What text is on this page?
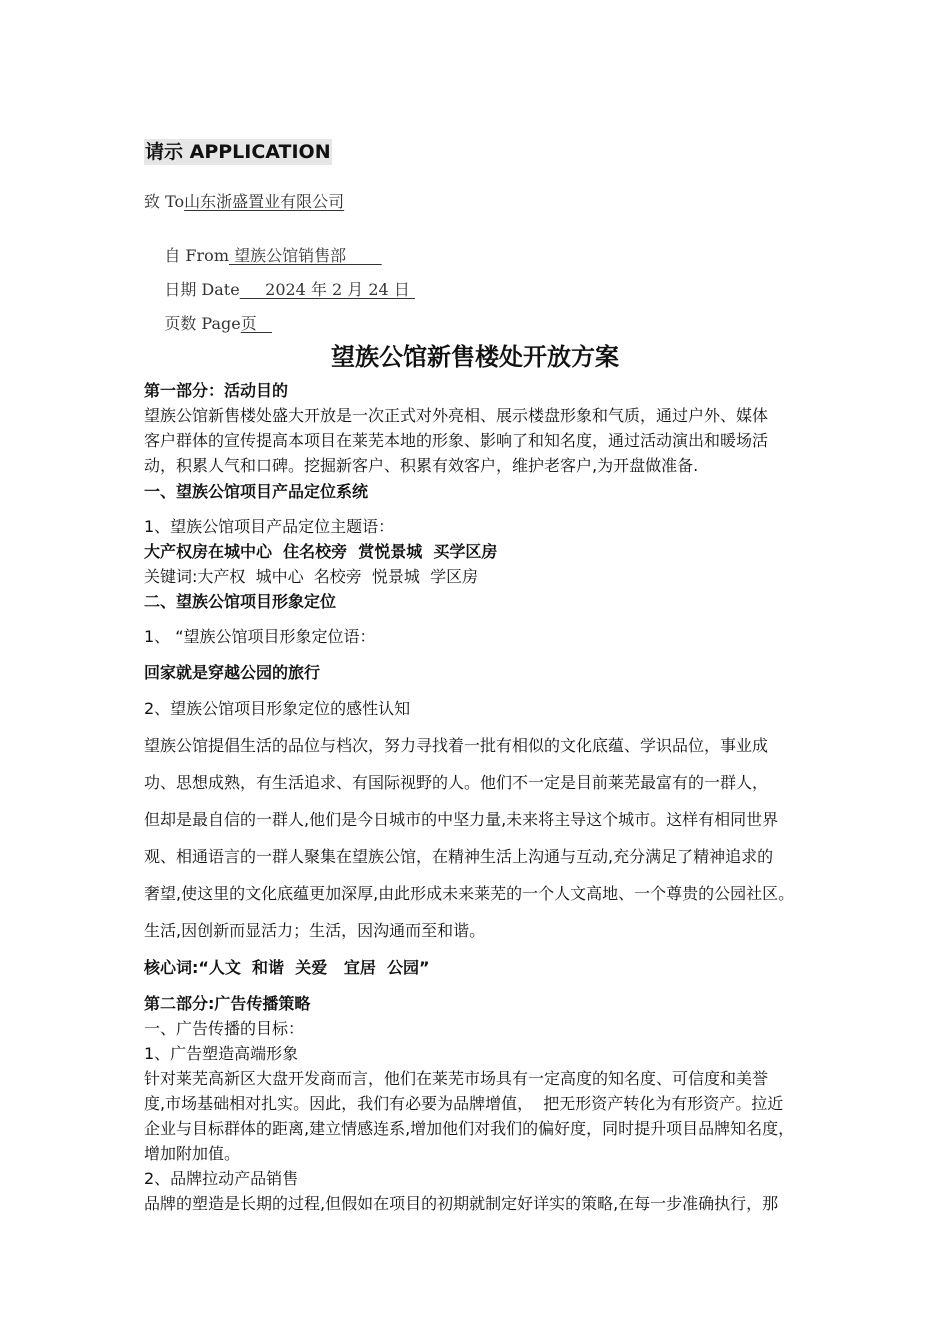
请示 APPLICATION
致 To山东浙盛置业有限公司

自 From 望族公馆销售部

日期 Date     2024 年 2 月 24 日

页数 Page页

望族公馆新售楼处开放方案
第一部分：活动目的
望族公馆新售楼处盛大开放是一次正式对外亮相、展示楼盘形象和气质，通过户外、媒体
客户群体的宣传提高本项目在莱芜本地的形象、影响了和知名度，通过活动演出和暖场活
动，积累人气和口碑。挖掘新客户、积累有效客户，维护老客户,为开盘做准备.
一、望族公馆项目产品定位系统
1、望族公馆项目产品定位主题语：
大产权房在城中心  住名校旁  赏悦景城  买学区房
关键词:大产权  城中心  名校旁  悦景城  学区房
二、望族公馆项目形象定位
1、 “望族公馆项目形象定位语：
回家就是穿越公园的旅行
2、望族公馆项目形象定位的感性认知
望族公馆提倡生活的品位与档次，努力寻找着一批有相似的文化底蕴、学识品位，事业成
功、思想成熟，有生活追求、有国际视野的人。他们不一定是目前莱芜最富有的一群人，
但却是最自信的一群人,他们是今日城市的中坚力量,未来将主导这个城市。这样有相同世界
观、相通语言的一群人聚集在望族公馆，在精神生活上沟通与互动,充分满足了精神追求的
奢望,使这里的文化底蕴更加深厚,由此形成未来莱芜的一个人文高地、一个尊贵的公园社区。
生活,因创新而显活力；生活，因沟通而至和谐。
核心词:“人文  和谐  关爱   宜居  公园”
第二部分:广告传播策略
一、广告传播的目标：
1、广告塑造高端形象
针对莱芜高新区大盘开发商而言，他们在莱芜市场具有一定高度的知名度、可信度和美誉
度,市场基础相对扎实。因此，我们有必要为品牌增值，  把无形资产转化为有形资产。拉近
企业与目标群体的距离,建立情感连系,增加他们对我们的偏好度，同时提升项目品牌知名度，
增加附加值。
2、品牌拉动产品销售
品牌的塑造是长期的过程,但假如在项目的初期就制定好详实的策略,在每一步准确执行，那
